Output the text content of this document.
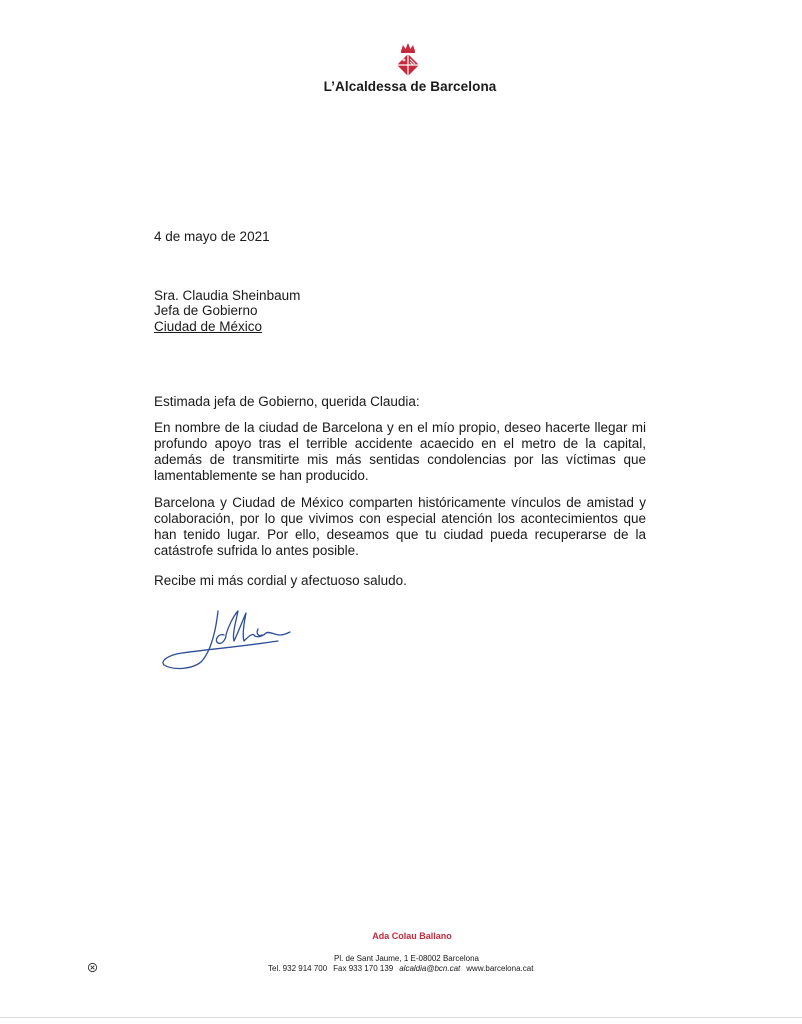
L’Alcaldessa de Barcelona
4 de mayo de 2021
Sra. Claudia Sheinbaum
Jefa de Gobierno
Ciudad de México
Estimada jefa de Gobierno, querida Claudia:
En nombre de la ciudad de Barcelona y en el mío propio, deseo hacerte llegar mi profundo apoyo tras el terrible accidente acaecido en el metro de la capital, además de transmitirte mis más sentidas condolencias por las víctimas que lamentablemente se han producido.
Barcelona y Ciudad de México comparten históricamente vínculos de amistad y colaboración, por lo que vivimos con especial atención los acontecimientos que han tenido lugar. Por ello, deseamos que tu ciudad pueda recuperarse de la catástrofe sufrida lo antes posible.
Recibe mi más cordial y afectuoso saludo.
Ada Colau Ballano
Pl. de Sant Jaume, 1 E-08002 Barcelona
Tel. 932 914 700 Fax 933 170 139 alcaldia@bcn.cat www.barcelona.cat
